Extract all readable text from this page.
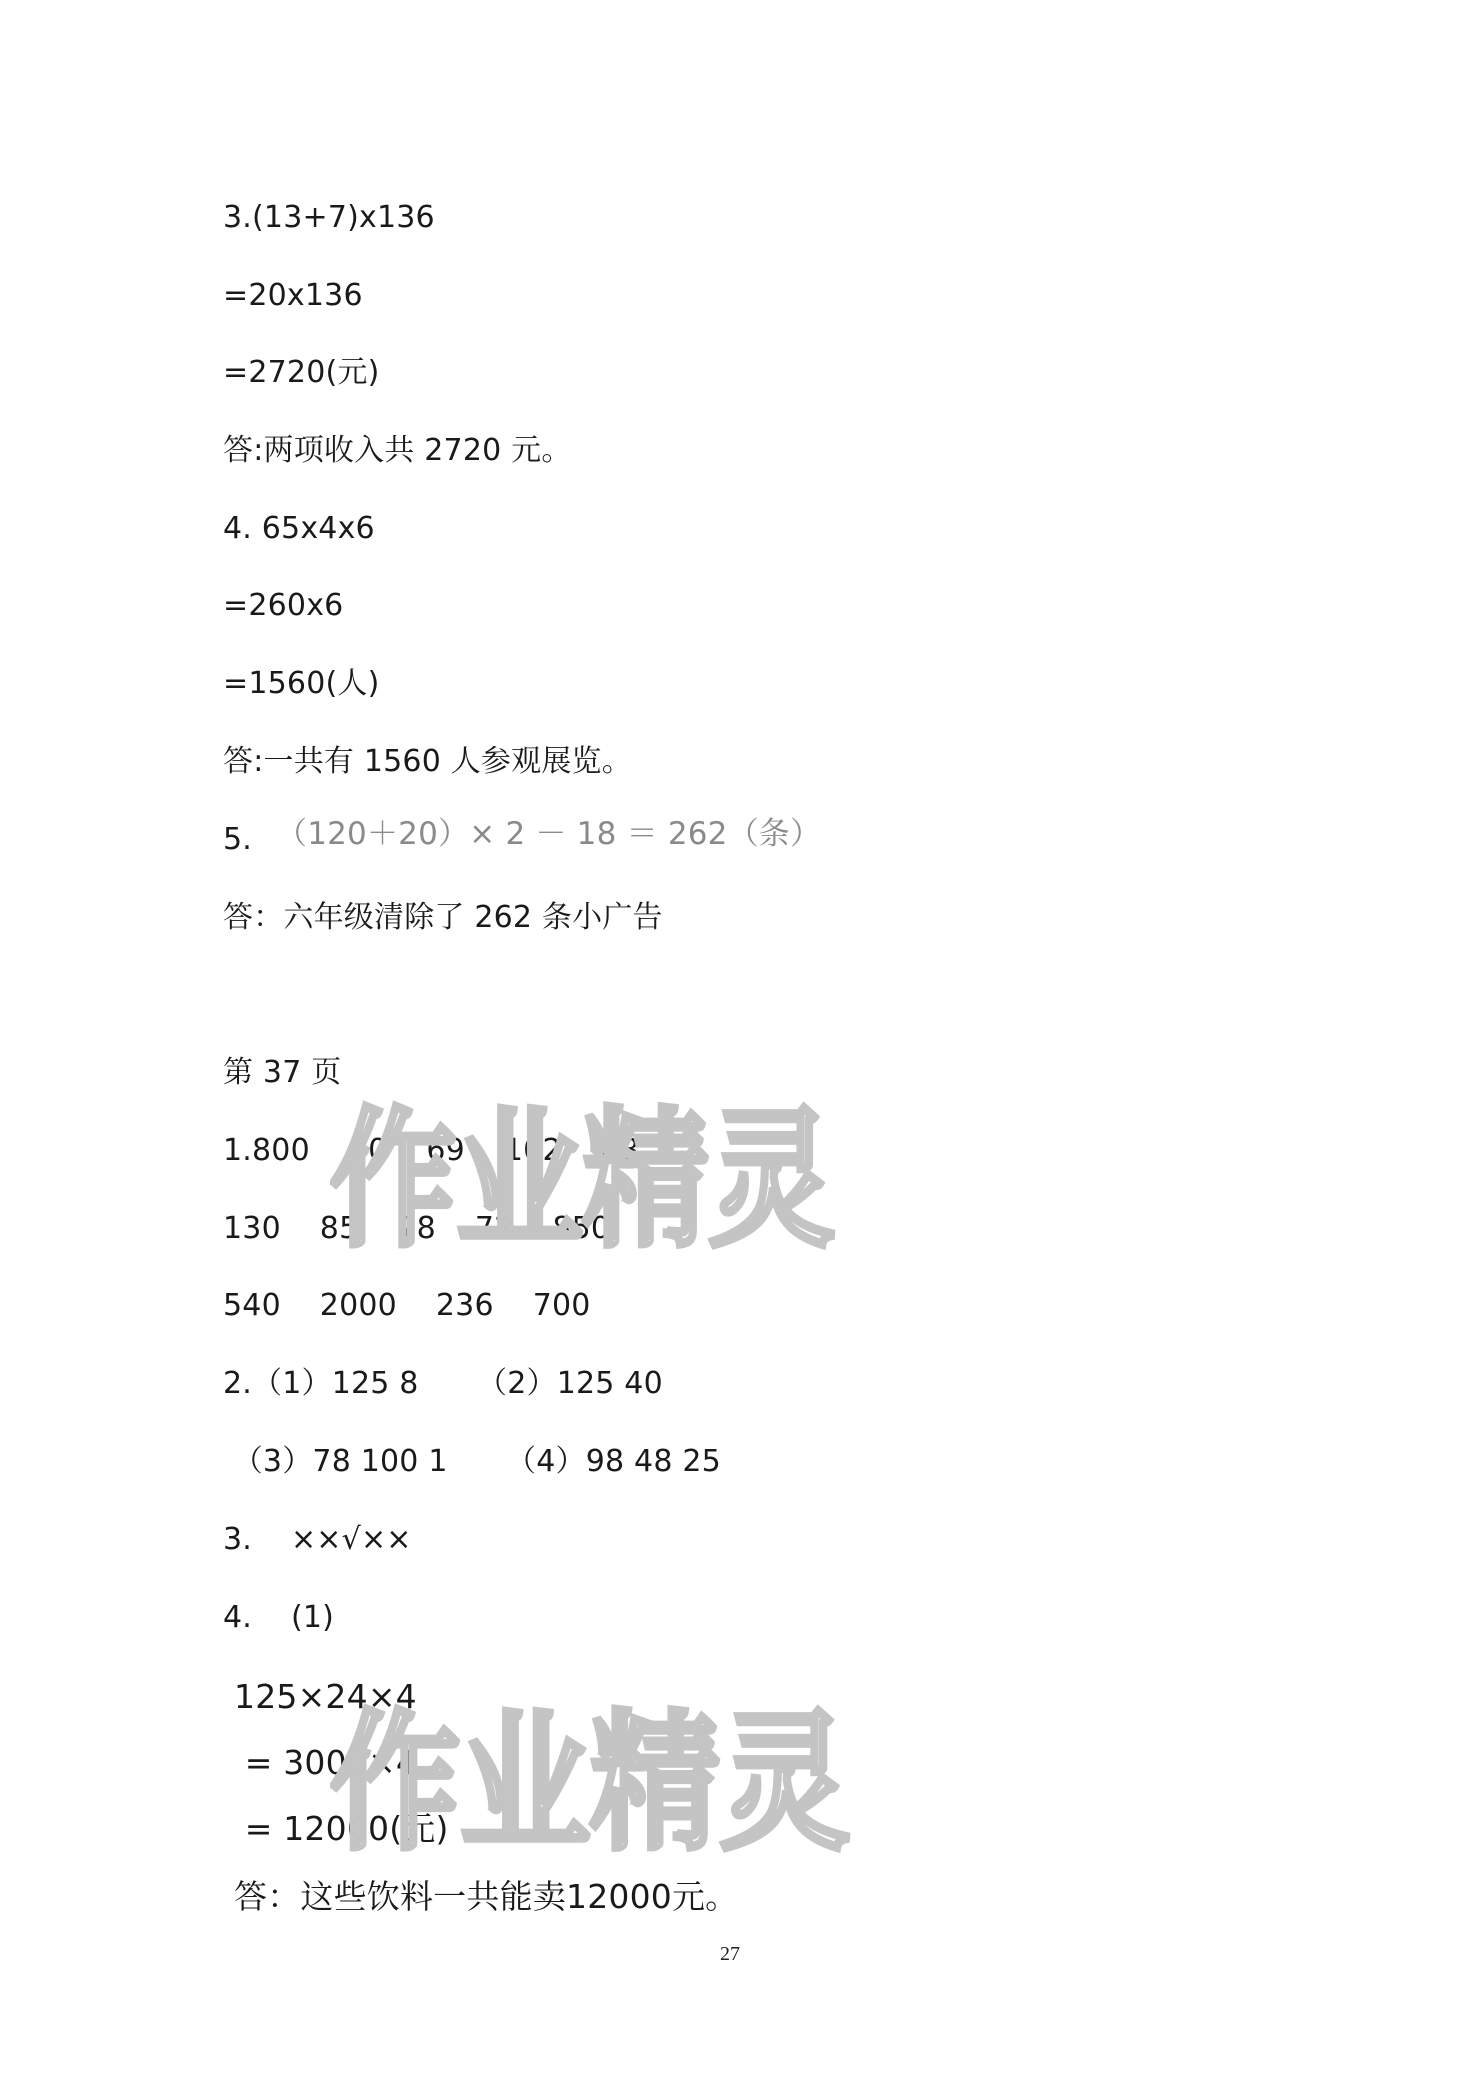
3.(13+7)x136
=20x136
=2720(元)
答:两项收入共 2720 元。
4. 65x4x6
=260x6
=1560(人)
答:一共有 1560 人参观展览。
5. （120＋20）× 2 － 18 ＝ 262（条）
答：六年级清除了 262 条小广告
第 37 页
1.800    60    69    102    88
130    85    78    72    850
540    2000    236    700
2.（1）125 8      （2）125 40
（3）78 100 1      （4）98 48 25
3.    ××√××
4.    (1)
125×24×4
= 3000×4
= 12000(元)
答：这些饮料一共能卖12000元。
27
作业精灵
作业精灵
